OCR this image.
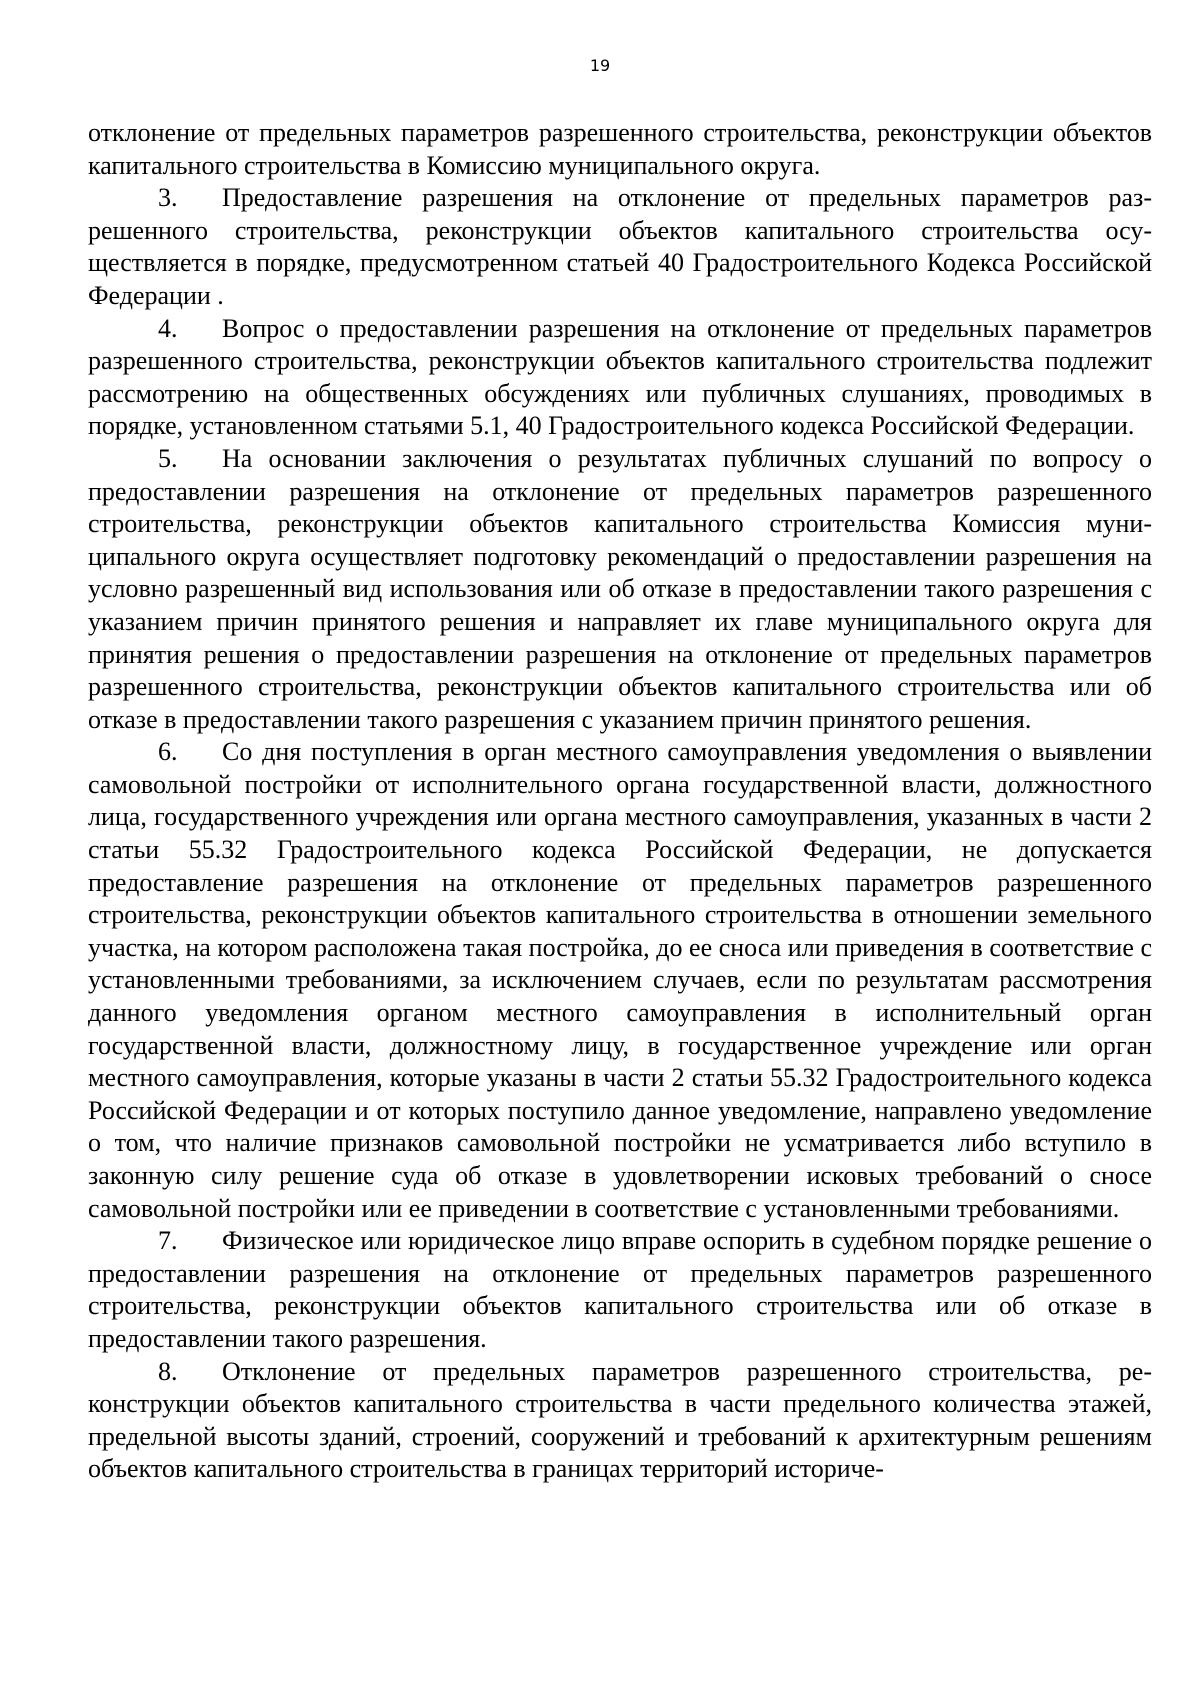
19

отклонение от предельных параметров разрешенного строительства, реконструкции объектов капитального строительства в Комиссию муниципального округа.

3. Предоставление разрешения на отклонение от предельных параметров разрешенного строительства, реконструкции объектов капитального строительства осуществляется в порядке, предусмотренном статьей 40 Градостроительного Кодекса Российской Федерации .

4. Вопрос о предоставлении разрешения на отклонение от предельных параметров разрешенного строительства, реконструкции объектов капитального строительства подлежит рассмотрению на общественных обсуждениях или публичных слушаниях, проводимых в порядке, установленном статьями 5.1, 40 Градостроительного кодекса Российской Федерации.

5. На основании заключения о результатах публичных слушаний по вопросу о предоставлении разрешения на отклонение от предельных параметров разрешенного строительства, реконструкции объектов капитального строительства Комиссия муниципального округа осуществляет подготовку рекомендаций о предоставлении разрешения на условно разрешенный вид использования или об отказе в предоставлении такого разрешения с указанием причин принятого решения и направляет их главе муниципального округа для принятия решения о предоставлении разрешения на отклонение от предельных параметров разрешенного строительства, реконструкции объектов капитального строительства или об отказе в предоставлении такого разрешения с указанием причин принятого решения.

6. Со дня поступления в орган местного самоуправления уведомления о выявлении самовольной постройки от исполнительного органа государственной власти, должностного лица, государственного учреждения или органа местного самоуправления, указанных в части 2 статьи 55.32 Градостроительного кодекса Российской Федерации, не допускается предоставление разрешения на отклонение от предельных параметров разрешенного строительства, реконструкции объектов капитального строительства в отношении земельного участка, на котором расположена такая постройка, до ее сноса или приведения в соответствие с установленными требованиями, за исключением случаев, если по результатам рассмотрения данного уведомления органом местного самоуправления в исполнительный орган государственной власти, должностному лицу, в государственное учреждение или орган местного самоуправления, которые указаны в части 2 статьи 55.32 Градостроительного кодекса Российской Федерации и от которых поступило данное уведомление, направлено уведомление о том, что наличие признаков самовольной постройки не усматривается либо вступило в законную силу решение суда об отказе в удовлетворении исковых требований о сносе самовольной постройки или ее приведении в соответствие с установленными требованиями.

7. Физическое или юридическое лицо вправе оспорить в судебном порядке решение о предоставлении разрешения на отклонение от предельных параметров разрешенного строительства, реконструкции объектов капитального строительства или об отказе в предоставлении такого разрешения.

8. Отклонение от предельных параметров разрешенного строительства, реконструкции объектов капитального строительства в части предельного количества этажей, предельной высоты зданий, строений, сооружений и требований к архитектурным решениям объектов капитального строительства в границах территорий историче-
